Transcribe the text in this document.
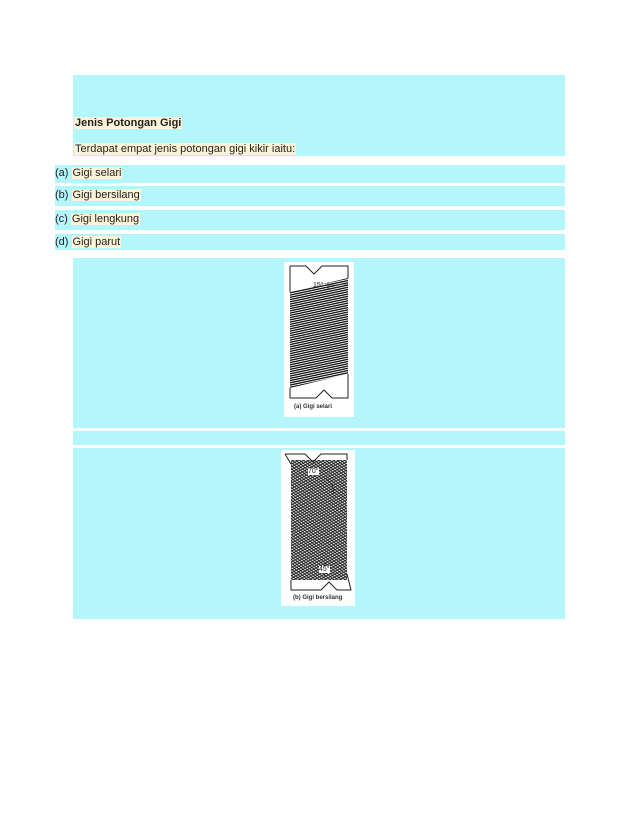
Jenis Potongan Gigi
Terdapat empat jenis potongan gigi kikir iaitu:
(a) Gigi selari
(b) Gigi bersilang
(c) Gigi lengkung
(d) Gigi parut
15°
(a) Gigi selari
70°
45°
(b) Gigi bersilang
